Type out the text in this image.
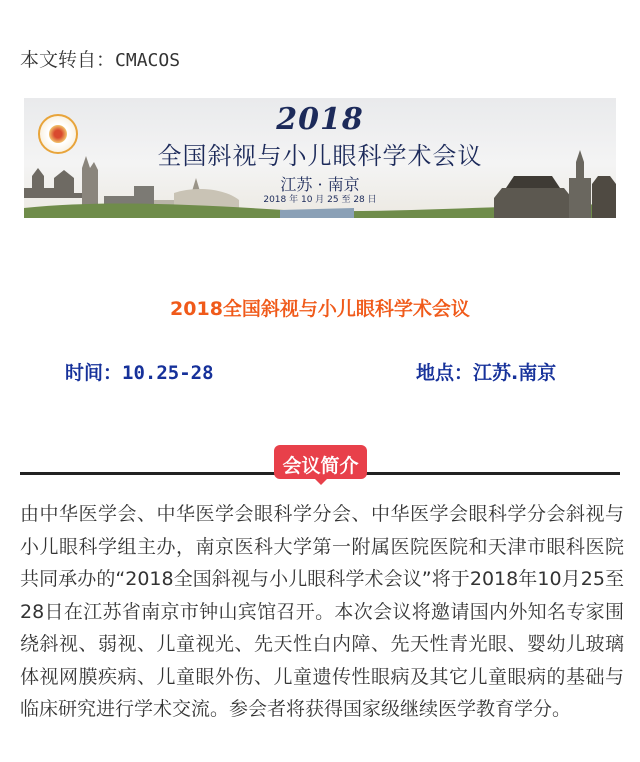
本文转自：CMACOS
2018
全国斜视与小儿眼科学术会议
江苏 · 南京
2018 年 10 月 25 至 28 日
2018全国斜视与小儿眼科学术会议
时间：10.25-28	地点：江苏.南京
会议简介
由中华医学会、中华医学会眼科学分会、中华医学会眼科学分会斜视与小儿眼科学组主办，南京医科大学第一附属医院医院和天津市眼科医院共同承办的“2018全国斜视与小儿眼科学术会议”将于2018年10月25至28日在江苏省南京市钟山宾馆召开。本次会议将邀请国内外知名专家围绕斜视、弱视、儿童视光、先天性白内障、先天性青光眼、婴幼儿玻璃体视网膜疾病、儿童眼外伤、儿童遗传性眼病及其它儿童眼病的基础与临床研究进行学术交流。参会者将获得国家级继续医学教育学分。
